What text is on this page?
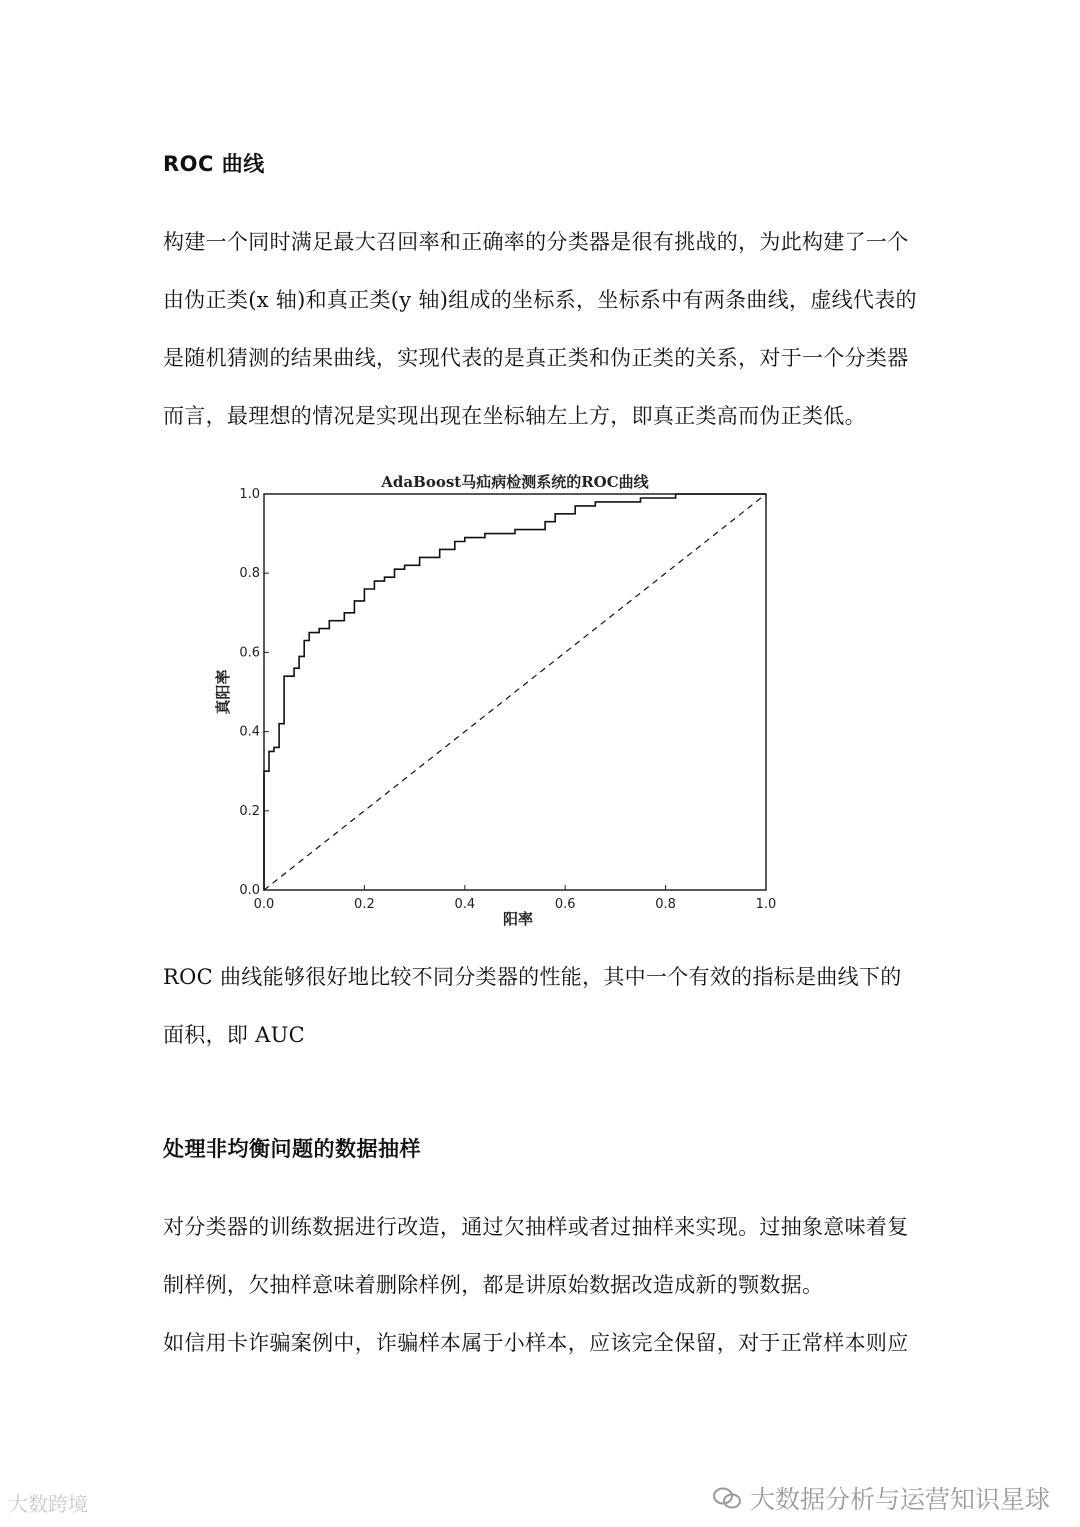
ROC 曲线
构建一个同时满足最大召回率和正确率的分类器是很有挑战的，为此构建了一个
由伪正类(x 轴)和真正类(y 轴)组成的坐标系，坐标系中有两条曲线，虚线代表的
是随机猜测的结果曲线，实现代表的是真正类和伪正类的关系，对于一个分类器
而言，最理想的情况是实现出现在坐标轴左上方，即真正类高而伪正类低。
AdaBoost马疝病检测系统的ROC曲线
0.0	0.2	0.4	0.6	0.8	1.0
0.0
0.2
0.4
0.6
0.8
1.0
阳率
真阳率
ROC 曲线能够很好地比较不同分类器的性能，其中一个有效的指标是曲线下的
面积，即 AUC
处理非均衡问题的数据抽样
对分类器的训练数据进行改造，通过欠抽样或者过抽样来实现。过抽象意味着复
制样例，欠抽样意味着删除样例，都是讲原始数据改造成新的颚数据。
如信用卡诈骗案例中，诈骗样本属于小样本，应该完全保留，对于正常样本则应
大数跨境	大数据分析与运营知识星球
